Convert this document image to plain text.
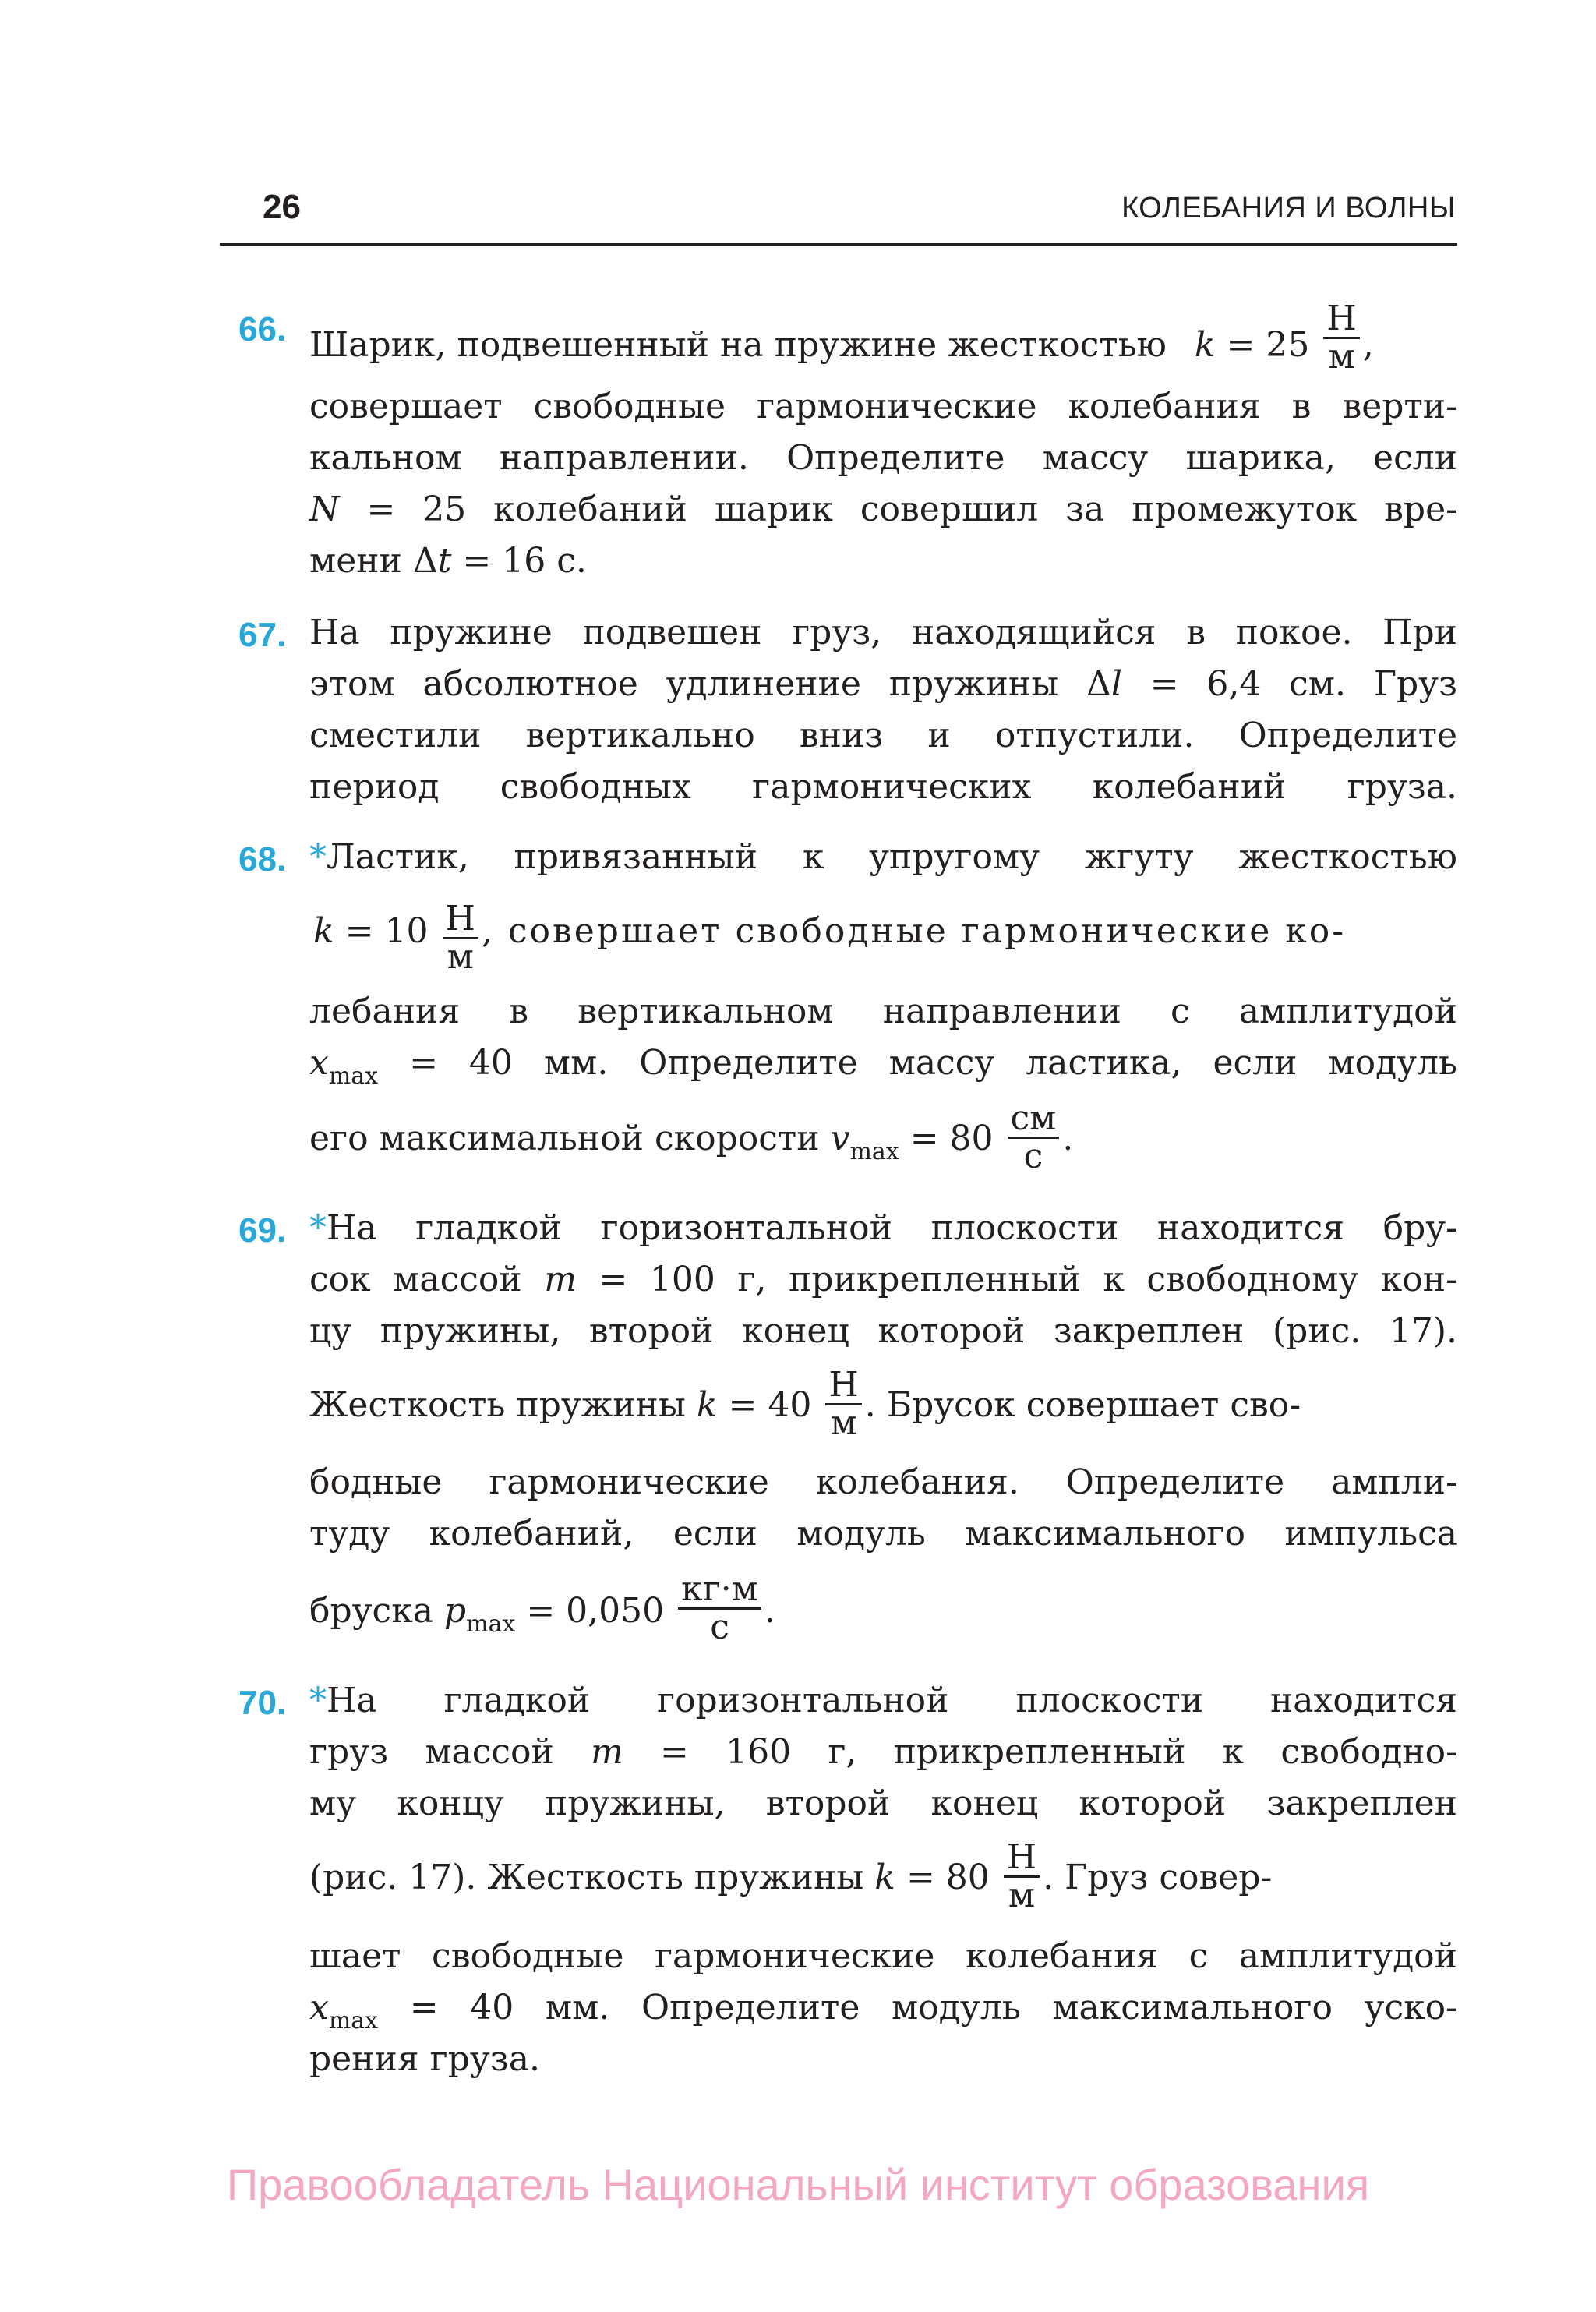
26	КОЛЕБАНИЯ И ВОЛНЫ
66. Шарик, подвешенный на пружине жесткостью $k = 25 \frac{Н}{м}$ ,
совершает свободные гармонические колебания в верти-
кальном направлении. Определите массу шарика, если
N = 25 колебаний шарик совершил за промежуток вре-
мени Δt = 16 с.
67. На пружине подвешен груз, находящийся в покое. При
этом абсолютное удлинение пружины Δl = 6,4 см. Груз
сместили вертикально вниз и отпустили. Определите
период свободных гармонических колебаний груза.
68. *Ластик, привязанный к упругому жгуту жесткостью
$k = 10 \frac{Н}{м}$ , совершает свободные гармонические ко-
лебания в вертикальном направлении с амплитудой
$x_{max} = 40$ мм. Определите массу ластика, если модуль
его максимальной скорости $v_{max} = 80 \frac{см}{с}$ .
69. *На гладкой горизонтальной плоскости находится бру-
сок массой m = 100 г, прикрепленный к свободному кон-
цу пружины, второй конец которой закреплен (рис. 17).
Жесткость пружины $k = 40 \frac{Н}{м}$ . Брусок совершает сво-
бодные гармонические колебания. Определите ампли-
туду колебаний, если модуль максимального импульса
бруска $p_{max} = 0,050 \frac{кг\cdot м}{с}$ .
70. *На гладкой горизонтальной плоскости находится
груз массой m = 160 г, прикрепленный к свободно-
му концу пружины, второй конец которой закреплен
(рис. 17). Жесткость пружины $k = 80 \frac{Н}{м}$ . Груз совер-
шает свободные гармонические колебания с амплитудой
$x_{max} = 40$ мм. Определите модуль максимального уско-
рения груза.
Правообладатель Национальный институт образования
